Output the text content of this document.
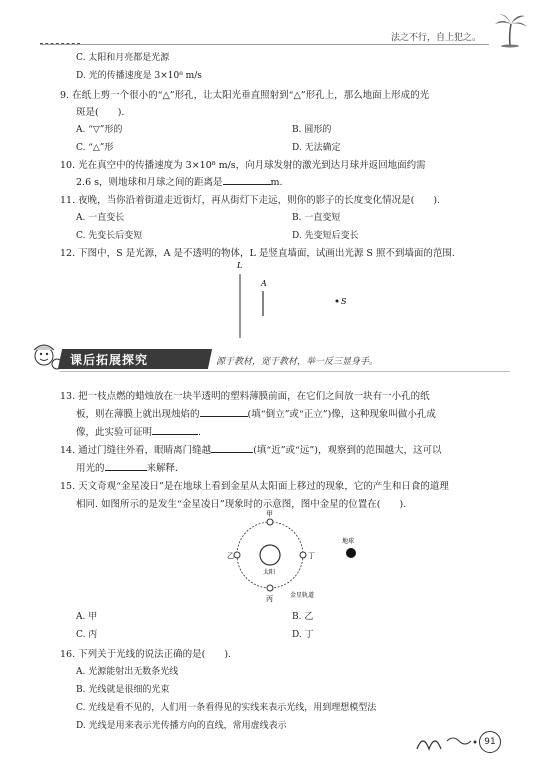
法之不行，自上犯之。
C. 太阳和月亮都是光源
D. 光的传播速度是 3×10⁸ m/s
9. 在纸上剪一个很小的“△”形孔，让太阳光垂直照射到“△”形孔上，那么地面上形成的光
斑是(　　).
A. “▽”形的	B. 圆形的
C. “△”形	D. 无法确定
10. 光在真空中的传播速度为 3×10⁸ m/s，向月球发射的激光到达月球并返回地面约需
2.6 s，则地球和月球之间的距离是	m.
11. 夜晚，当你沿着街道走近街灯，再从街灯下走远，则你的影子的长度变化情况是(　　).
A. 一直变长	B. 一直变短
C. 先变长后变短	D. 先变短后变长
12. 下图中，S 是光源，A 是不透明的物体，L 是竖直墙面，试画出光源 S 照不到墙面的范围.
L
A
S
课后拓展探究	源于教材，宽于教材，举一反三显身手。
13. 把一枝点燃的蜡烛放在一块半透明的塑料薄膜前面，在它们之间放一块有一小孔的纸
板，则在薄膜上就出现烛焰的	(填“倒立”或“正立”)像，这种现象叫做小孔成
像，此实验可证明	.
14. 通过门缝往外看，眼睛离门缝越	(填“近”或“远”)，观察到的范围越大，这可以
用光的	来解释.
15. 天文奇观“金星凌日”是在地球上看到金星从太阳面上移过的现象，它的产生和日食的道理
相同. 如图所示的是发生“金星凌日”现象时的示意图，图中金星的位置在(　　).
甲
乙
丙
丁
太阳
地球
金星轨道
A. 甲	B. 乙
C. 丙	D. 丁
16. 下列关于光线的说法正确的是(　　).
A. 光源能射出无数条光线
B. 光线就是很细的光束
C. 光线是看不见的，人们用一条看得见的实线来表示光线，用到理想模型法
D. 光线是用来表示光传播方向的直线，常用虚线表示
91
